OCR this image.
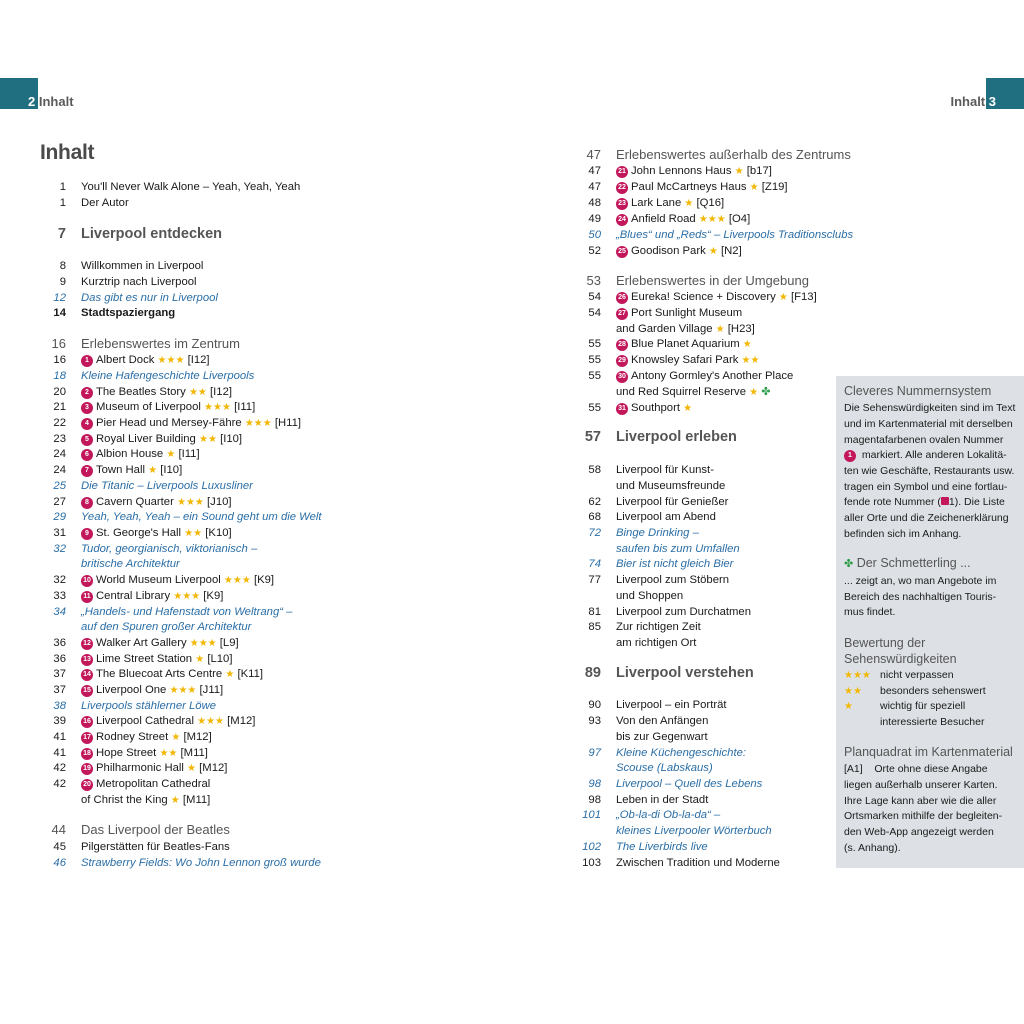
2 Inhalt	Inhalt 3
Inhalt
1 You'll Never Walk Alone – Yeah, Yeah, Yeah
1 Der Autor
7 Liverpool entdecken
8 Willkommen in Liverpool
9 Kurztrip nach Liverpool
12 Das gibt es nur in Liverpool
14 Stadtspaziergang
16 Erlebenswertes im Zentrum
16	1 Albert Dock ★★★ [I12]
18 Kleine Hafengeschichte Liverpools
20	2 The Beatles Story ★★ [I12]
21	3 Museum of Liverpool ★★★ [I11]
22	4 Pier Head und Mersey-Fähre ★★★ [H11]
23	5 Royal Liver Building ★★ [I10]
24	6 Albion House ★ [I11]
24	7 Town Hall ★ [I10]
25 Die Titanic – Liverpools Luxusliner
27	8 Cavern Quarter ★★★ [J10]
29 Yeah, Yeah, Yeah – ein Sound geht um die Welt
31	9 St. George's Hall ★★ [K10]
32 Tudor, georgianisch, viktorianisch –
britische Architektur
32 10 World Museum Liverpool ★★★ [K9]
33	11 Central Library ★★★ [K9]
34 „Handels- und Hafenstadt von Weltrang“ –
auf den Spuren großer Architektur
36 12 Walker Art Gallery ★★★ [L9]
36 13 Lime Street Station ★ [L10]
37 14 The Bluecoat Arts Centre ★ [K11]
37 15 Liverpool One ★★★ [J11]
38 Liverpools stählerner Löwe
39 16 Liverpool Cathedral ★★★ [M12]
41 17 Rodney Street ★ [M12]
41 18 Hope Street ★★ [M11]
42 19 Philharmonic Hall ★ [M12]
42 20 Metropolitan Cathedral
of Christ the King ★ [M11]
44 Das Liverpool der Beatles
45 Pilgerstätten für Beatles-Fans
46 Strawberry Fields: Wo John Lennon groß wurde
47 Erlebenswertes außerhalb des Zentrums
47 21 John Lennons Haus ★ [b17]
47 22 Paul McCartneys Haus ★ [Z19]
48 23 Lark Lane ★ [Q16]
49 24 Anfield Road ★★★ [O4]
50 „Blues“ und „Reds“ – Liverpools Traditionsclubs
52 25 Goodison Park ★ [N2]
53 Erlebenswertes in der Umgebung
54 26 Eureka! Science + Discovery ★ [F13]
54 27 Port Sunlight Museum
and Garden Village ★ [H23]
55 28 Blue Planet Aquarium ★
55 29 Knowsley Safari Park ★★
55 30 Antony Gormley's Another Place
und Red Squirrel Reserve ★ ✤
55 31 Southport ★
57 Liverpool erleben
58 Liverpool für Kunst-
und Museumsfreunde
62 Liverpool für Genießer
68 Liverpool am Abend
72 Binge Drinking –
saufen bis zum Umfallen
74 Bier ist nicht gleich Bier
77 Liverpool zum Stöbern
und Shoppen
81 Liverpool zum Durchatmen
85 Zur richtigen Zeit
am richtigen Ort
89 Liverpool verstehen
90 Liverpool – ein Porträt
93 Von den Anfängen
bis zur Gegenwart
97 Kleine Küchengeschichte:
Scouse (Labskaus)
98 Liverpool – Quell des Lebens
98 Leben in der Stadt
101 „Ob-la-di Ob-la-da“ –
kleines Liverpooler Wörterbuch
102 The Liverbirds live
103 Zwischen Tradition und Moderne
Cleveres Nummernsystem
Die Sehenswürdigkeiten sind im Text
und im Kartenmaterial mit derselben
magentafarbenen ovalen Nummer
1 markiert. Alle anderen Lokalitä-
ten wie Geschäfte, Restaurants usw.
tragen ein Symbol und eine fortlau-
fende rote Nummer ( 1). Die Liste
aller Orte und die Zeichenerklärung
befinden sich im Anhang.
✤ Der Schmetterling ...
... zeigt an, wo man Angebote im
Bereich des nachhaltigen Touris-
mus findet.
Bewertung der
Sehenswürdigkeiten
★★★ nicht verpassen
★★ besonders sehenswert
★	wichtig für speziell
interessierte Besucher
Planquadrat im Kartenmaterial
[A1] Orte ohne diese Angabe
liegen außerhalb unserer Karten.
Ihre Lage kann aber wie die aller
Ortsmarken mithilfe der begleiten-
den Web-App angezeigt werden
(s. Anhang).
